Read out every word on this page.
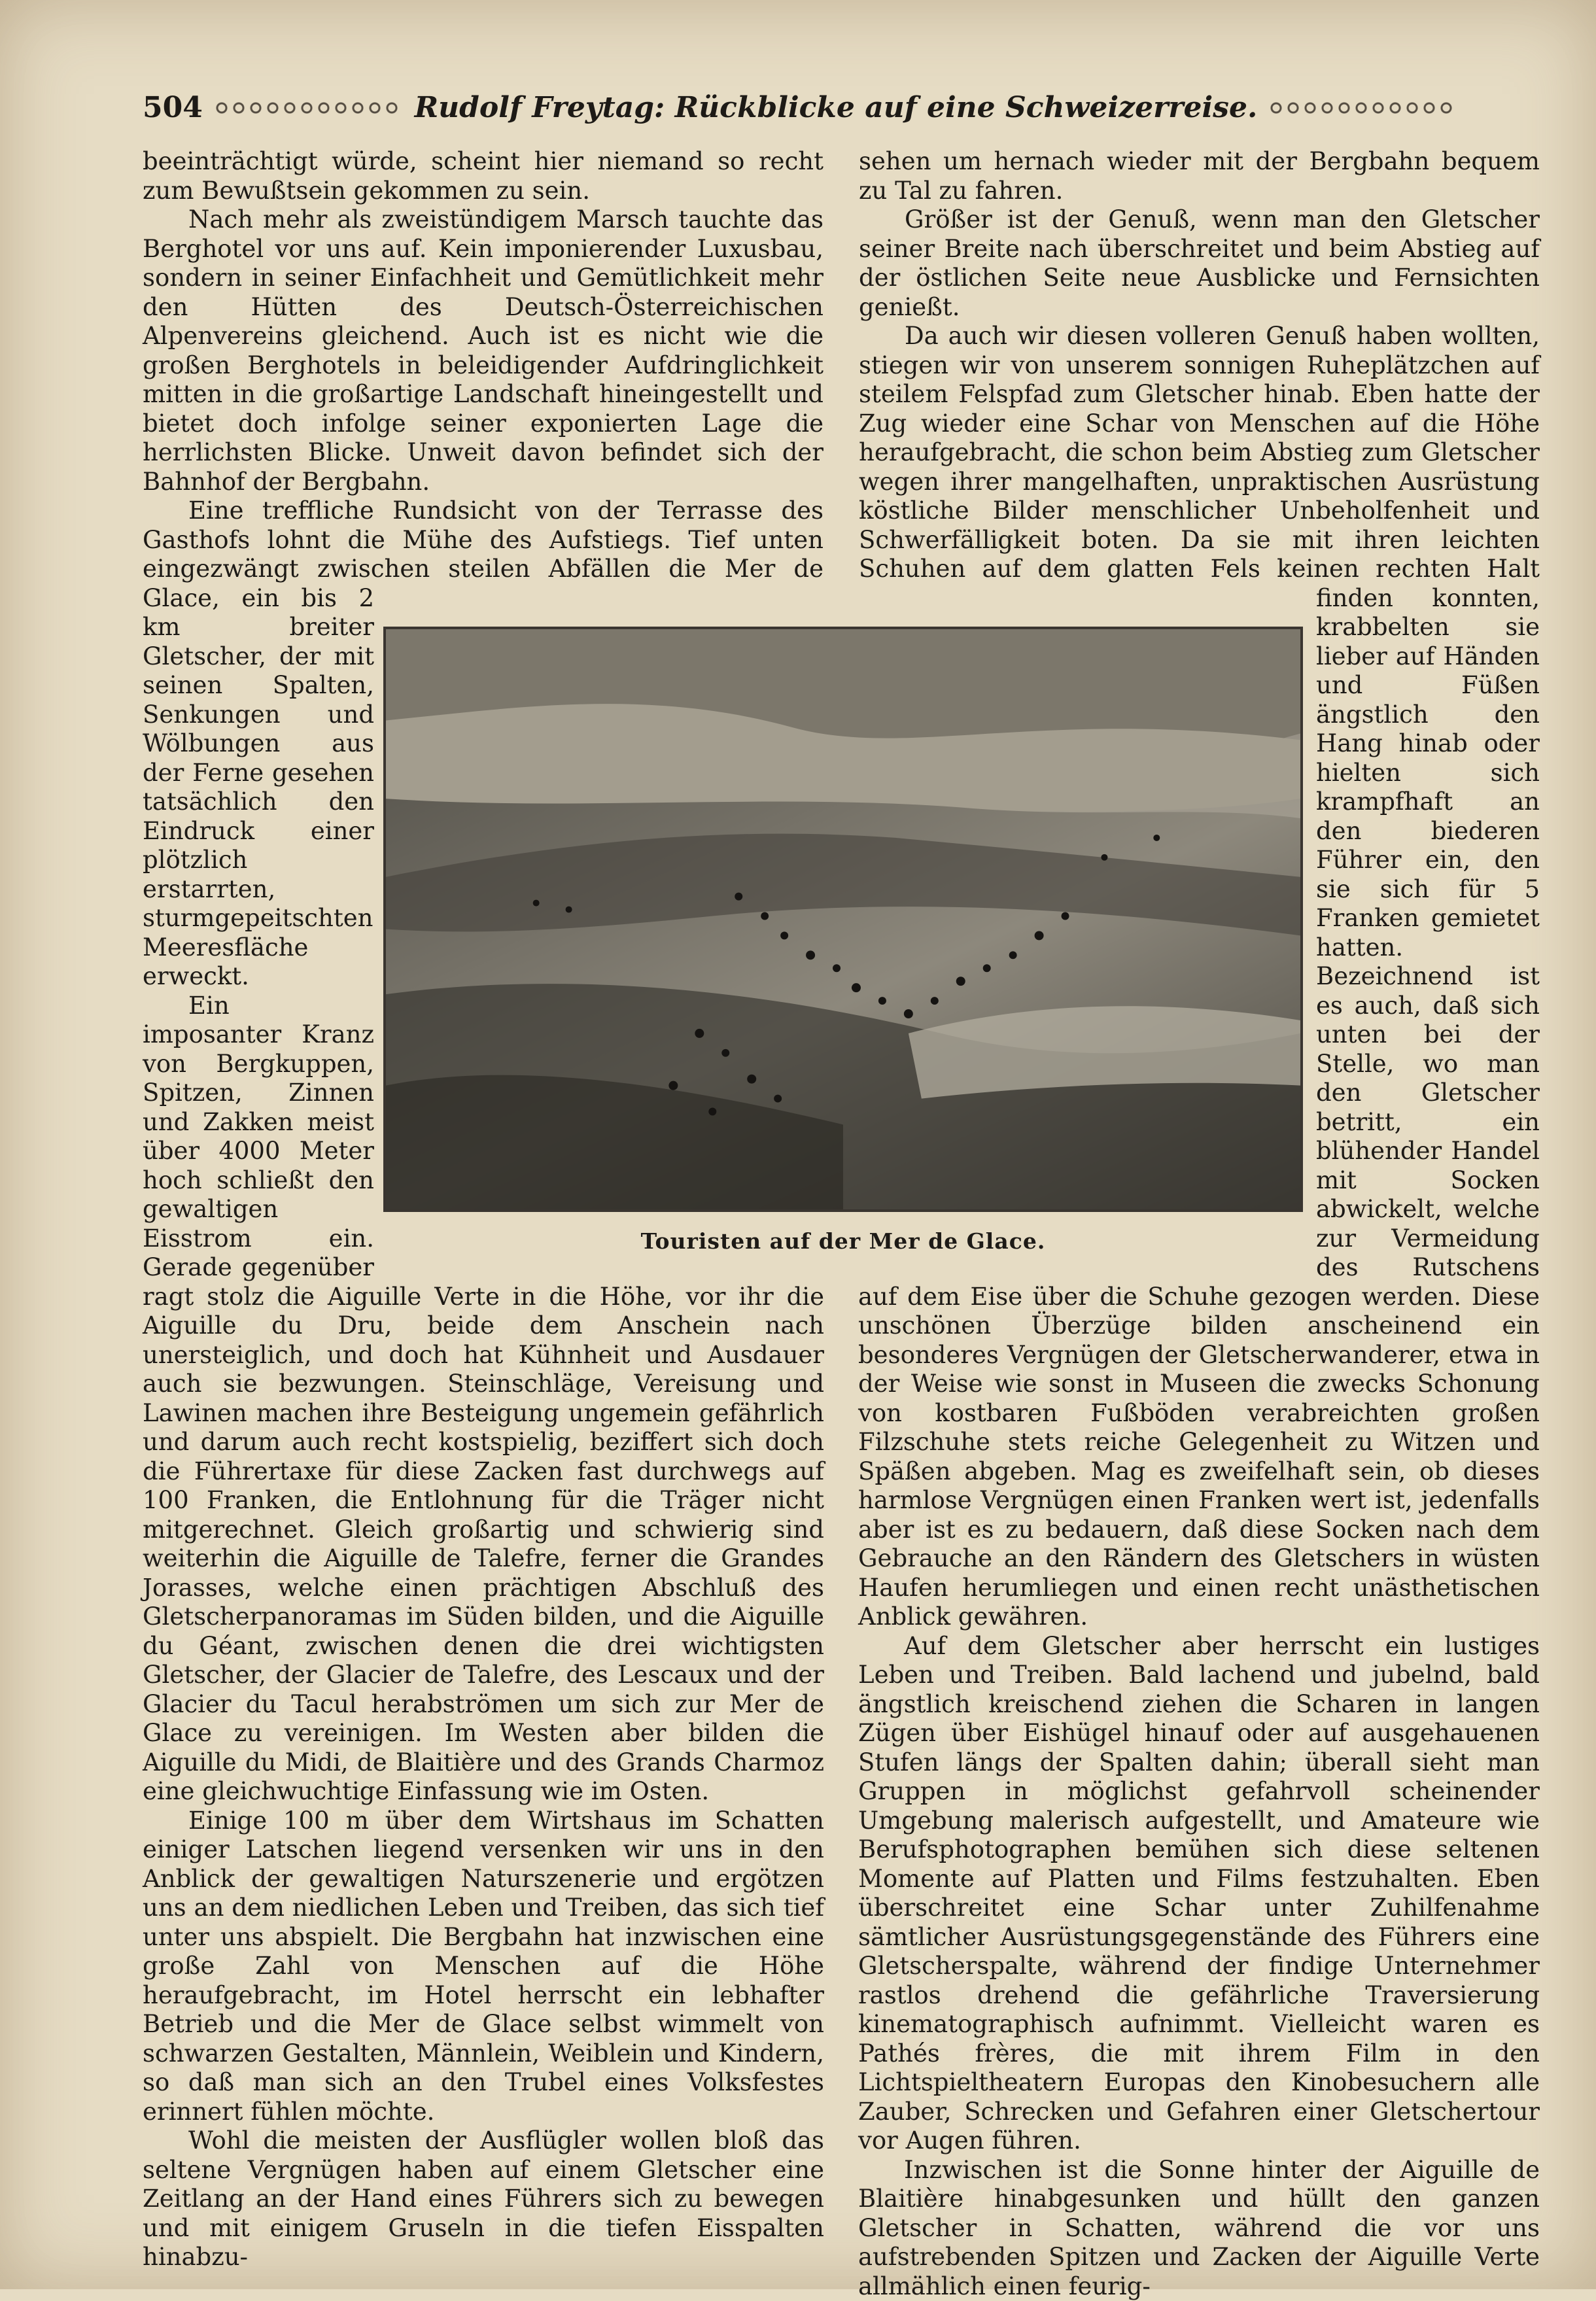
504	Rudolf Freytag: Rückblicke auf eine Schweizerreise.

beeinträchtigt würde, scheint hier niemand so recht zum Bewußtsein gekommen zu sein.

Nach mehr als zweistündigem Marsch tauchte das Berghotel vor uns auf. Kein imponierender Luxusbau, sondern in seiner Einfachheit und Gemütlichkeit mehr den Hütten des Deutsch-Österreichischen Alpenvereins gleichend. Auch ist es nicht wie die großen Berghotels in beleidigender Aufdringlichkeit mitten in die großartige Landschaft hineingestellt und bietet doch infolge seiner exponierten Lage die herrlichsten Blicke. Unweit davon befindet sich der Bahnhof der Bergbahn.

Eine treffliche Rundsicht von der Terrasse des Gasthofs lohnt die Mühe des Aufstiegs. Tief unten eingezwängt zwischen steilen Abfällen die Mer de Glace, ein bis 2 km breiter Gletscher, der mit seinen Spalten, Senkungen und Wölbungen aus der Ferne gesehen tatsächlich den Eindruck einer plötzlich erstarrten, sturmgepeitschten Meeresfläche erweckt.

Ein imposanter Kranz von Bergkuppen, Spitzen, Zinnen und Zakken meist über 4000 Meter hoch schließt den gewaltigen Eisstrom ein. Gerade gegenüber ragt stolz die Aiguille Verte in die Höhe, vor ihr die Aiguille du Dru, beide dem Anschein nach unersteiglich, und doch hat Kühnheit und Ausdauer auch sie bezwungen. Steinschläge, Vereisung und Lawinen machen ihre Besteigung ungemein gefährlich und darum auch recht kostspielig, beziffert sich doch die Führertaxe für diese Zacken fast durchwegs auf 100 Franken, die Entlohnung für die Träger nicht mitgerechnet. Gleich großartig und schwierig sind weiterhin die Aiguille de Talefre, ferner die Grandes Jorasses, welche einen prächtigen Abschluß des Gletscherpanoramas im Süden bilden, und die Aiguille du Géant, zwischen denen die drei wichtigsten Gletscher, der Glacier de Talefre, des Lescaux und der Glacier du Tacul herabströmen um sich zur Mer de Glace zu vereinigen. Im Westen aber bilden die Aiguille du Midi, de Blaitière und des Grands Charmoz eine gleichwuchtige Einfassung wie im Osten.

Einige 100 m über dem Wirtshaus im Schatten einiger Latschen liegend versenken wir uns in den Anblick der gewaltigen Naturszenerie und ergötzen uns an dem niedlichen Leben und Treiben, das sich tief unter uns abspielt. Die Bergbahn hat inzwischen eine große Zahl von Menschen auf die Höhe heraufgebracht, im Hotel herrscht ein lebhafter Betrieb und die Mer de Glace selbst wimmelt von schwarzen Gestalten, Männlein, Weiblein und Kindern, so daß man sich an den Trubel eines Volksfestes erinnert fühlen möchte.

Wohl die meisten der Ausflügler wollen bloß das seltene Vergnügen haben auf einem Gletscher eine Zeitlang an der Hand eines Führers sich zu bewegen und mit einigem Gruseln in die tiefen Eisspalten hinabzu-

sehen um hernach wieder mit der Bergbahn bequem zu Tal zu fahren.

Größer ist der Genuß, wenn man den Gletscher seiner Breite nach überschreitet und beim Abstieg auf der östlichen Seite neue Ausblicke und Fernsichten genießt.

Da auch wir diesen volleren Genuß haben wollten, stiegen wir von unserem sonnigen Ruheplätzchen auf steilem Felspfad zum Gletscher hinab. Eben hatte der Zug wieder eine Schar von Menschen auf die Höhe heraufgebracht, die schon beim Abstieg zum Gletscher wegen ihrer mangelhaften, unpraktischen Ausrüstung köstliche Bilder menschlicher Unbeholfenheit und Schwerfälligkeit boten. Da sie mit ihren leichten Schuhen auf dem glatten Fels keinen rechten Halt finden konnten, krabbelten sie lieber auf Händen und Füßen ängstlich den Hang hinab oder hielten sich krampfhaft an den biederen Führer ein, den sie sich für 5 Franken gemietet hatten. Bezeichnend ist es auch, daß sich unten bei der Stelle, wo man den Gletscher betritt, ein blühender Handel mit Socken abwickelt, welche zur Vermeidung des Rutschens auf dem Eise über die Schuhe gezogen werden. Diese unschönen Überzüge bilden anscheinend ein besonderes Vergnügen der Gletscherwanderer, etwa in der Weise wie sonst in Museen die zwecks Schonung von kostbaren Fußböden verabreichten großen Filzschuhe stets reiche Gelegenheit zu Witzen und Späßen abgeben. Mag es zweifelhaft sein, ob dieses harmlose Vergnügen einen Franken wert ist, jedenfalls aber ist es zu bedauern, daß diese Socken nach dem Gebrauche an den Rändern des Gletschers in wüsten Haufen herumliegen und einen recht unästhetischen Anblick gewähren.

Auf dem Gletscher aber herrscht ein lustiges Leben und Treiben. Bald lachend und jubelnd, bald ängstlich kreischend ziehen die Scharen in langen Zügen über Eishügel hinauf oder auf ausgehauenen Stufen längs der Spalten dahin; überall sieht man Gruppen in möglichst gefahrvoll scheinender Umgebung malerisch aufgestellt, und Amateure wie Berufsphotographen bemühen sich diese seltenen Momente auf Platten und Films festzuhalten. Eben überschreitet eine Schar unter Zuhilfenahme sämtlicher Ausrüstungsgegenstände des Führers eine Gletscherspalte, während der findige Unternehmer rastlos drehend die gefährliche Traversierung kinematographisch aufnimmt. Vielleicht waren es Pathés frères, die mit ihrem Film in den Lichtspieltheatern Europas den Kinobesuchern alle Zauber, Schrecken und Gefahren einer Gletschertour vor Augen führen.

Inzwischen ist die Sonne hinter der Aiguille de Blaitière hinabgesunken und hüllt den ganzen Gletscher in Schatten, während die vor uns aufstrebenden Spitzen und Zacken der Aiguille Verte allmählich einen feurig-

Touristen auf der Mer de Glace.
